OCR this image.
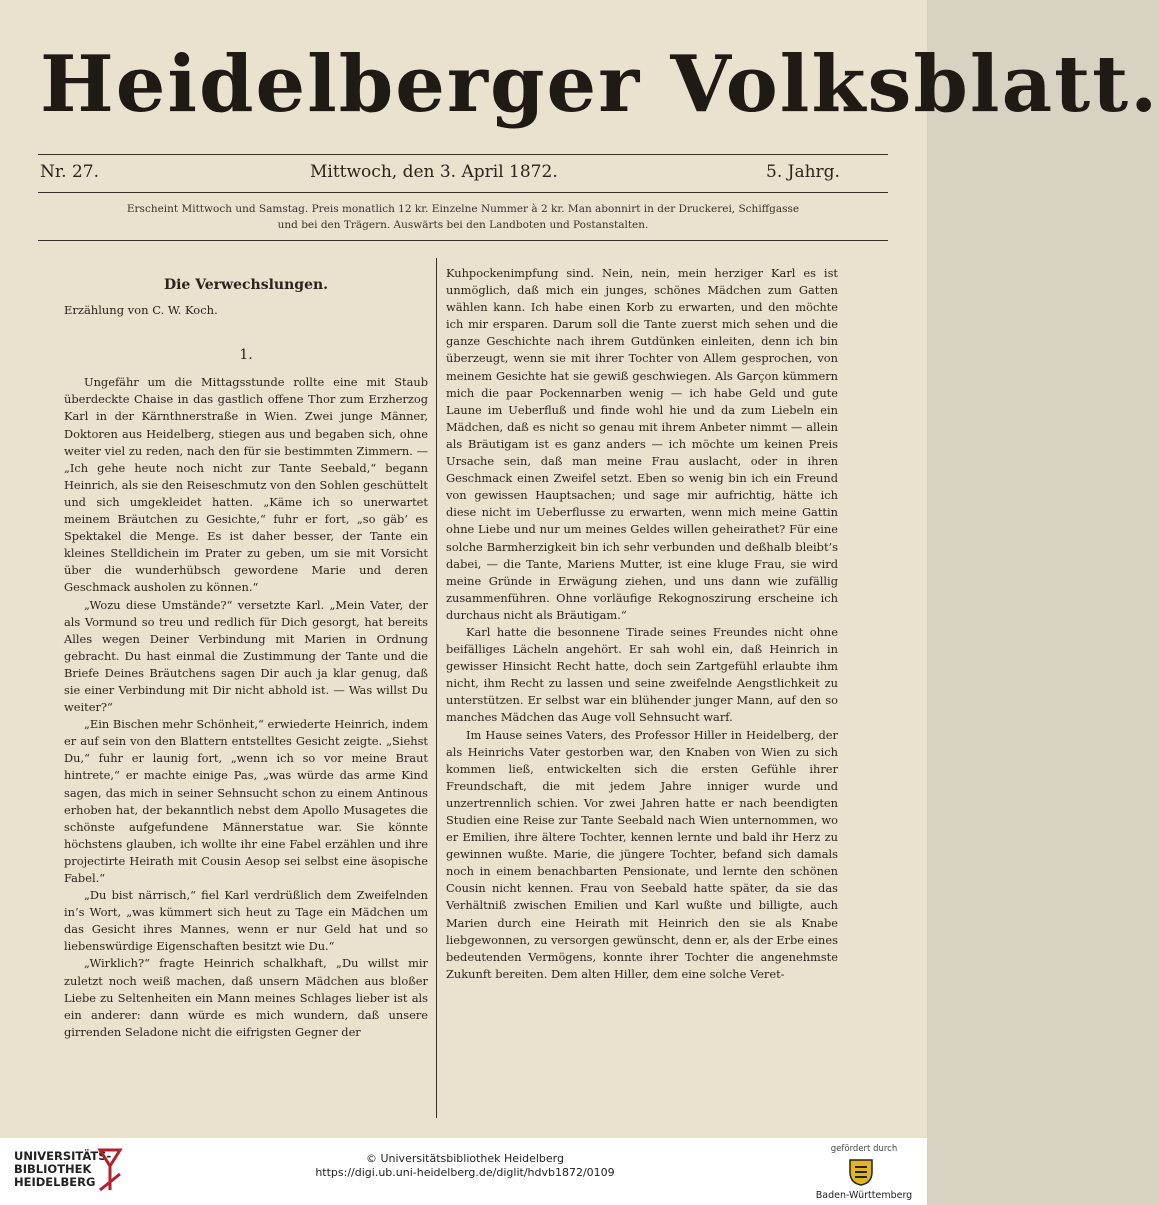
Heidelberger Volksblatt.
Nr. 27.	Mittwoch, den 3. April 1872.	5. Jahrg.
Erscheint Mittwoch und Samstag. Preis monatlich 12 kr. Einzelne Nummer à 2 kr. Man abonnirt in der Druckerei, Schiffgasse
und bei den Trägern. Auswärts bei den Landboten und Postanstalten.
Die Verwechslungen.
Erzählung von C. W. Koch.
1.

Ungefähr um die Mittagsstunde rollte eine mit Staub überdeckte Chaise in das gastlich offene Thor zum Erzherzog Karl in der Kärnthnerstraße in Wien. Zwei junge Männer, Doktoren aus Heidelberg, stiegen aus und begaben sich, ohne weiter viel zu reden, nach den für sie bestimmten Zimmern. — „Ich gehe heute noch nicht zur Tante Seebald,“ begann Heinrich, als sie den Reiseschmutz von den Sohlen geschüttelt und sich umgekleidet hatten. „Käme ich so unerwartet meinem Bräutchen zu Gesichte,“ fuhr er fort, „so gäb’ es Spektakel die Menge. Es ist daher besser, der Tante ein kleines Stelldichein im Prater zu geben, um sie mit Vorsicht über die wunderhübsch gewordene Marie und deren Geschmack ausholen zu können.“

„Wozu diese Umstände?“ versetzte Karl. „Mein Vater, der als Vormund so treu und redlich für Dich gesorgt, hat bereits Alles wegen Deiner Verbindung mit Marien in Ordnung gebracht. Du hast einmal die Zustimmung der Tante und die Briefe Deines Bräutchens sagen Dir auch ja klar genug, daß sie einer Verbindung mit Dir nicht abhold ist. — Was willst Du weiter?“

„Ein Bischen mehr Schönheit,“ erwiederte Heinrich, indem er auf sein von den Blattern entstelltes Gesicht zeigte. „Siehst Du,“ fuhr er launig fort, „wenn ich so vor meine Braut hintrete,“ er machte einige Pas, „was würde das arme Kind sagen, das mich in seiner Sehnsucht schon zu einem Antinous erhoben hat, der bekanntlich nebst dem Apollo Musagetes die schönste aufgefundene Männerstatue war. Sie könnte höchstens glauben, ich wollte ihr eine Fabel erzählen und ihre projectirte Heirath mit Cousin Aesop sei selbst eine äsopische Fabel.“

„Du bist närrisch,“ fiel Karl verdrüßlich dem Zweifelnden in’s Wort, „was kümmert sich heut zu Tage ein Mädchen um das Gesicht ihres Mannes, wenn er nur Geld hat und so liebenswürdige Eigenschaften besitzt wie Du.“

„Wirklich?“ fragte Heinrich schalkhaft, „Du willst mir zuletzt noch weiß machen, daß unsern Mädchen aus bloßer Liebe zu Seltenheiten ein Mann meines Schlages lieber ist als ein anderer: dann würde es mich wundern, daß unsere girrenden Seladone nicht die eifrigsten Gegner der

Kuhpockenimpfung sind. Nein, nein, mein herziger Karl es ist unmöglich, daß mich ein junges, schönes Mädchen zum Gatten wählen kann. Ich habe einen Korb zu erwarten, und den möchte ich mir ersparen. Darum soll die Tante zuerst mich sehen und die ganze Geschichte nach ihrem Gutdünken einleiten, denn ich bin überzeugt, wenn sie mit ihrer Tochter von Allem gesprochen, von meinem Gesichte hat sie gewiß geschwiegen. Als Garçon kümmern mich die paar Pockennarben wenig — ich habe Geld und gute Laune im Ueberfluß und finde wohl hie und da zum Liebeln ein Mädchen, daß es nicht so genau mit ihrem Anbeter nimmt — allein als Bräutigam ist es ganz anders — ich möchte um keinen Preis Ursache sein, daß man meine Frau auslacht, oder in ihren Geschmack einen Zweifel setzt. Eben so wenig bin ich ein Freund von gewissen Hauptsachen; und sage mir aufrichtig, hätte ich diese nicht im Ueberflusse zu erwarten, wenn mich meine Gattin ohne Liebe und nur um meines Geldes willen geheirathet? Für eine solche Barmherzigkeit bin ich sehr verbunden und deßhalb bleibt’s dabei, — die Tante, Mariens Mutter, ist eine kluge Frau, sie wird meine Gründe in Erwägung ziehen, und uns dann wie zufällig zusammenführen. Ohne vorläufige Rekognoszirung erscheine ich durchaus nicht als Bräutigam.“

Karl hatte die besonnene Tirade seines Freundes nicht ohne beifälliges Lächeln angehört. Er sah wohl ein, daß Heinrich in gewisser Hinsicht Recht hatte, doch sein Zartgefühl erlaubte ihm nicht, ihm Recht zu lassen und seine zweifelnde Aengstlichkeit zu unterstützen. Er selbst war ein blühender junger Mann, auf den so manches Mädchen das Auge voll Sehnsucht warf.

Im Hause seines Vaters, des Professor Hiller in Heidelberg, der als Heinrichs Vater gestorben war, den Knaben von Wien zu sich kommen ließ, entwickelten sich die ersten Gefühle ihrer Freundschaft, die mit jedem Jahre inniger wurde und unzertrennlich schien. Vor zwei Jahren hatte er nach beendigten Studien eine Reise zur Tante Seebald nach Wien unternommen, wo er Emilien, ihre ältere Tochter, kennen lernte und bald ihr Herz zu gewinnen wußte. Marie, die jüngere Tochter, befand sich damals noch in einem benachbarten Pensionate, und lernte den schönen Cousin nicht kennen. Frau von Seebald hatte später, da sie das Verhältniß zwischen Emilien und Karl wußte und billigte, auch Marien durch eine Heirath mit Heinrich den sie als Knabe liebgewonnen, zu versorgen gewünscht, denn er, als der Erbe eines bedeutenden Vermögens, konnte ihrer Tochter die angenehmste Zukunft bereiten. Dem alten Hiller, dem eine solche Veret-

UNIVERSITÄTS-
BIBLIOTHEK
HEIDELBERG
© Universitätsbibliothek Heidelberg
https://digi.ub.uni-heidelberg.de/diglit/hdvb1872/0109
gefördert durch
Baden-Württemberg
